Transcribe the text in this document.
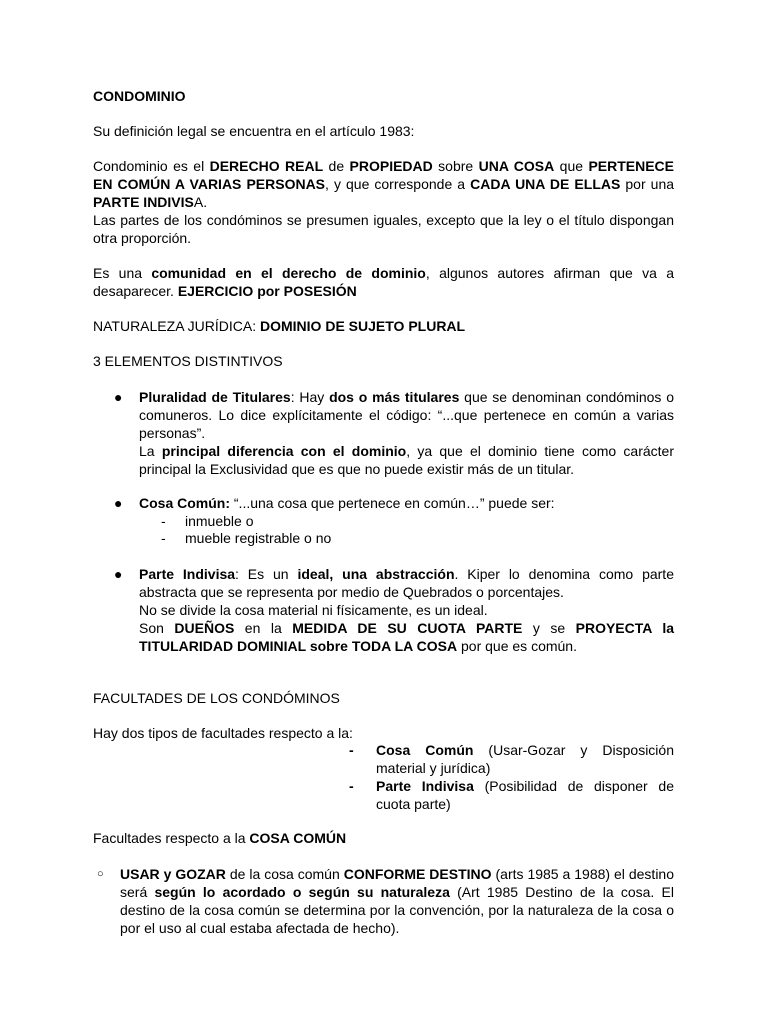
CONDOMINIO

Su definición legal se encuentra en el artículo 1983:

Condominio es el DERECHO REAL de PROPIEDAD sobre UNA COSA que PERTENECE EN COMÚN A VARIAS PERSONAS, y que corresponde a CADA UNA DE ELLAS por una PARTE INDIVISA.
Las partes de los condóminos se presumen iguales, excepto que la ley o el título dispongan otra proporción.
Es una comunidad en el derecho de dominio, algunos autores afirman que va a desaparecer. EJERCICIO por POSESIÓN

NATURALEZA JURÍDICA: DOMINIO DE SUJETO PLURAL

3 ELEMENTOS DISTINTIVOS

● Pluralidad de Titulares: Hay dos o más titulares que se denominan condóminos o comuneros. Lo dice explícitamente el código: “...que pertenece en común a varias personas”.
La principal diferencia con el dominio, ya que el dominio tiene como carácter principal la Exclusividad que es que no puede existir más de un titular.
● Cosa Común: “...una cosa que pertenece en común…” puede ser:
- inmueble o
- mueble registrable o no
● Parte Indivisa: Es un ideal, una abstracción. Kiper lo denomina como parte abstracta que se representa por medio de Quebrados o porcentajes.
No se divide la cosa material ni físicamente, es un ideal.
Son DUEÑOS en la MEDIDA DE SU CUOTA PARTE y se PROYECTA la TITULARIDAD DOMINIAL sobre TODA LA COSA por que es común.

FACULTADES DE LOS CONDÓMINOS

Hay dos tipos de facultades respecto a la:

- Cosa Común (Usar-Gozar y Disposición material y jurídica)
- Parte Indivisa (Posibilidad de disponer de cuota parte)

Facultades respecto a la COSA COMÚN

○ USAR y GOZAR de la cosa común CONFORME DESTINO (arts 1985 a 1988) el destino será según lo acordado o según su naturaleza (Art 1985 Destino de la cosa. El destino de la cosa común se determina por la convención, por la naturaleza de la cosa o por el uso al cual estaba afectada de hecho).
